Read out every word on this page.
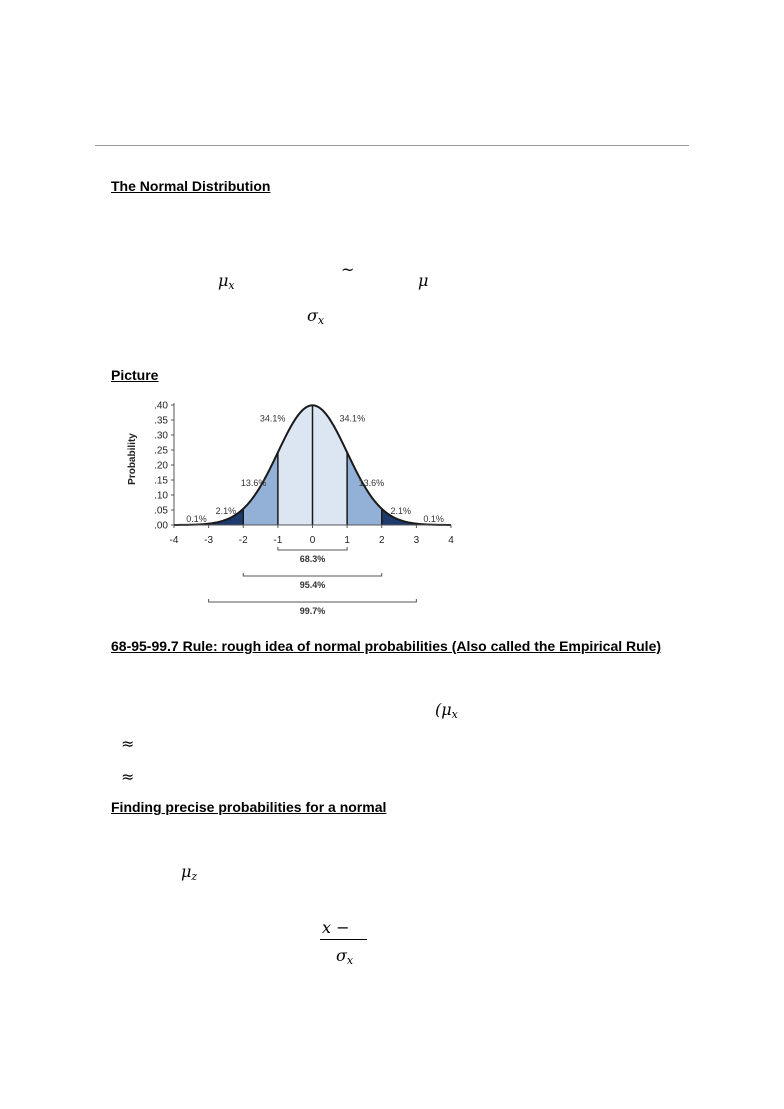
The Normal Distribution
$\mu_x$
~
μ
$\sigma_x$
Picture
.00
.05
.10
.15
.20
.25
.30
.35
.40
-4	-3	-2	-1	0	1	2	3	4
0.1%
2.1%
13.6%
34.1%	34.1%
13.6%
2.1%
0.1%
68.3%
95.4%
99.7%
Probability
68-95-99.7 Rule: rough idea of normal probabilities (Also called the Empirical Rule)
($\mu_x$
≈
≈
Finding precise probabilities for a normal
$\mu_z$
x −
$\sigma_x$
